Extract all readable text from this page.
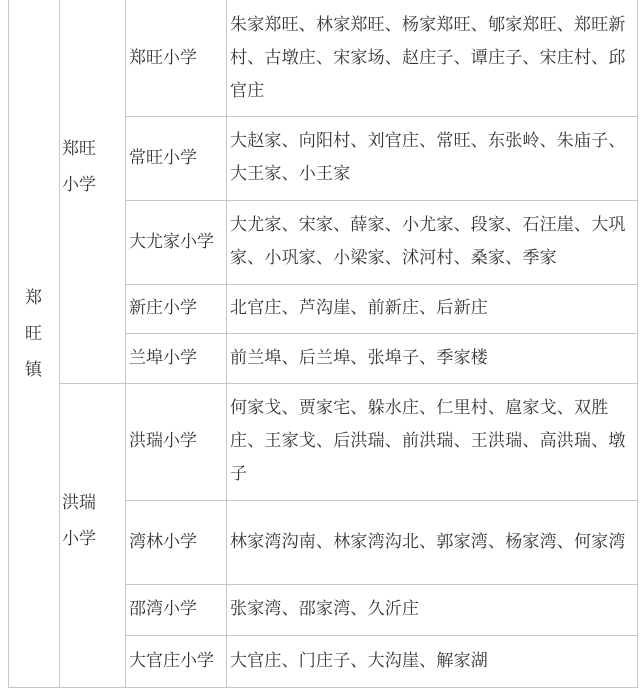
郑旺镇
郑旺小学
郑旺小学
朱家郑旺、林家郑旺、杨家郑旺、郇家郑旺、郑旺新村、古墩庄、宋家场、赵庄子、谭庄子、宋庄村、邱官庄
常旺小学
大赵家、向阳村、刘官庄、常旺、东张岭、朱庙子、大王家、小王家
大尤家小学
大尤家、宋家、薛家、小尤家、段家、石汪崖、大巩家、小巩家、小梁家、沭河村、桑家、季家
新庄小学 北官庄、芦沟崖、前新庄、后新庄
兰埠小学 前兰埠、后兰埠、张埠子、季家楼
洪瑞小学
洪瑞小学
何家戈、贾家宅、躲水庄、仁里村、扈家戈、双胜庄、王家戈、后洪瑞、前洪瑞、王洪瑞、高洪瑞、墩子
湾林小学 林家湾沟南、林家湾沟北、郭家湾、杨家湾、何家湾
邵湾小学 张家湾、邵家湾、久沂庄
大官庄小学 大官庄、门庄子、大沟崖、解家湖
